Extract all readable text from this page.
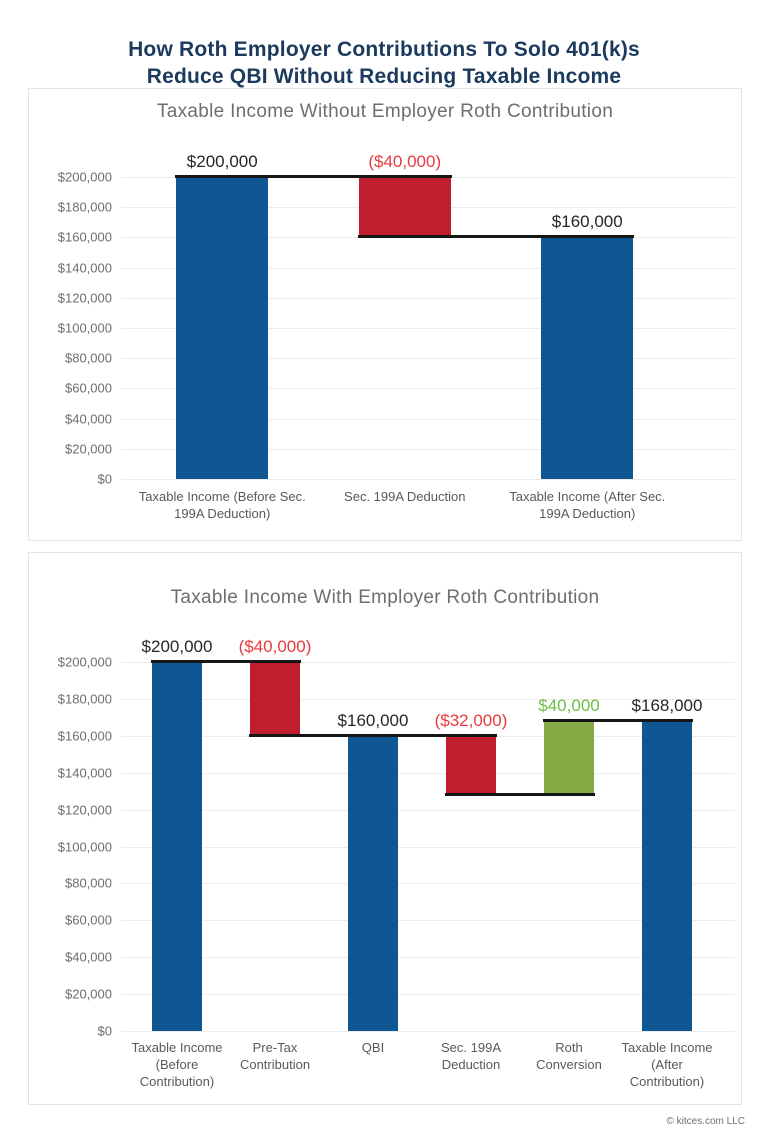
How Roth Employer Contributions To Solo 401(k)s
Reduce QBI Without Reducing Taxable Income
Taxable Income Without Employer Roth Contribution
$0
$20,000
$40,000
$60,000
$80,000
$100,000
$120,000
$140,000
$160,000
$180,000
$200,000
$200,000
Taxable Income (Before Sec.
199A Deduction)
($40,000)
Sec. 199A Deduction
$160,000
Taxable Income (After Sec.
199A Deduction)
Taxable Income With Employer Roth Contribution
$0
$20,000
$40,000
$60,000
$80,000
$100,000
$120,000
$140,000
$160,000
$180,000
$200,000
$200,000
Taxable Income
(Before
Contribution)
($40,000)
Pre-Tax
Contribution
$160,000
QBI
($32,000)
Sec. 199A
Deduction
$40,000
Roth
Conversion
$168,000
Taxable Income
(After
Contribution)
© kitces.com LLC
